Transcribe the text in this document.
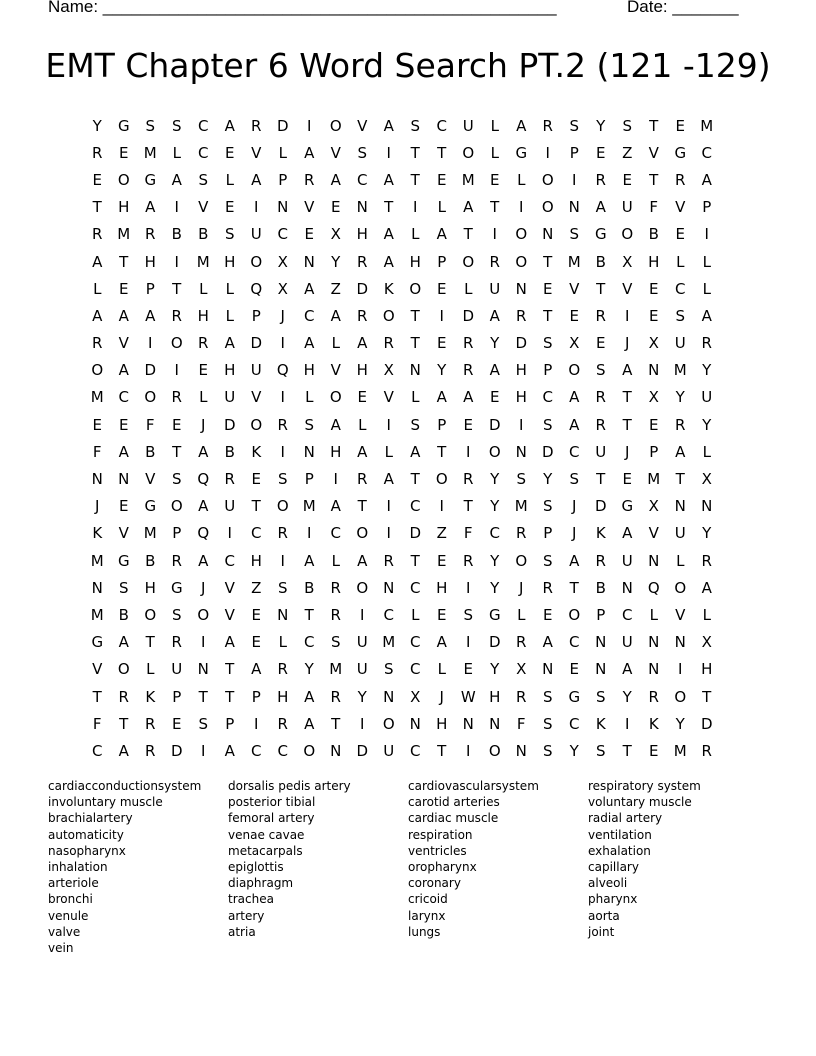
Name: ________________________________________________	Date: _______
EMT Chapter 6 Word Search PT.2 (121 -129)
Y	G	S	S	C	A	R	D	I	O	V	A	S	C	U	L	A	R	S	Y	S	T	E	M
R	E	M	L	C	E	V	L	A	V	S	I	T	T	O	L	G	I	P	E	Z	V	G	C
E	O G	A	S	L	A	P	R	A	C	A	T	E	M	E	L	O	I	R	E	T	R	A
T	H	A	I	V	E	I	N	V	E	N	T	I	L	A	T	I	O N	A	U	F	V	P
R M R	B	B	S	U	C	E	X	H	A	L	A	T	I	O N	S	G O	B	E	I
A	T	H	I	M H O	X	N	Y	R	A	H	P	O	R	O	T	M B	X	H	L	L
L	E	P	T	L	L	Q	X	A	Z	D	K	O	E	L	U	N	E	V	T	V	E	C	L
A	A	A	R	H	L	P	J	C	A	R	O	T	I	D	A	R	T	E	R	I	E	S	A
R	V	I	O	R	A	D	I	A	L	A	R	T	E	R	Y	D	S	X	E	J	X	U	R
O	A	D	I	E	H	U	Q H	V	H	X	N	Y	R	A	H	P	O	S	A	N M	Y
M C	O	R	L	U	V	I	L	O	E	V	L	A	A	E	H	C	A	R	T	X	Y	U
E	E	F	E	J	D O	R	S	A	L	I	S	P	E	D	I	S	A	R	T	E	R	Y
F	A	B	T	A	B	K	I	N	H	A	L	A	T	I	O N	D	C	U	J	P	A	L
N	N	V	S	Q	R	E	S	P	I	R	A	T	O	R	Y	S	Y	S	T	E	M	T	X
J	E	G O	A	U	T	O M A	T	I	C	I	T	Y	M	S	J	D G	X	N	N
K	V M	P	Q	I	C	R	I	C	O	I	D	Z	F	C	R	P	J	K	A	V	U	Y
M G	B	R	A	C	H	I	A	L	A	R	T	E	R	Y	O	S	A	R	U	N	L	R
N	S	H	G	J	V	Z	S	B	R	O N	C	H	I	Y	J	R	T	B	N Q O	A
M B	O	S	O	V	E	N	T	R	I	C	L	E	S	G	L	E	O	P	C	L	V	L
G	A	T	R	I	A	E	L	C	S	U M C	A	I	D	R	A	C	N	U	N	N	X
V	O	L	U	N	T	A	R	Y	M U	S	C	L	E	Y	X	N	E	N	A	N	I	H
T	R	K	P	T	T	P	H	A	R	Y	N	X	J	W H	R	S	G	S	Y	R	O	T
F	T	R	E	S	P	I	R	A	T	I	O N	H	N	N	F	S	C	K	I	K	Y	D
C	A	R	D	I	A	C	C	O N	D	U	C	T	I	O N	S	Y	S	T	E	M R
cardiacconductionsystem
involuntary muscle
brachialartery
automaticity
nasopharynx
inhalation
arteriole
bronchi
venule
valve
vein
dorsalis pedis artery
posterior tibial
femoral artery
venae cavae
metacarpals
epiglottis
diaphragm
trachea
artery
atria
cardiovascularsystem
carotid arteries
cardiac muscle
respiration
ventricles
oropharynx
coronary
cricoid
larynx
lungs
respiratory system
voluntary muscle
radial artery
ventilation
exhalation
capillary
alveoli
pharynx
aorta
joint
